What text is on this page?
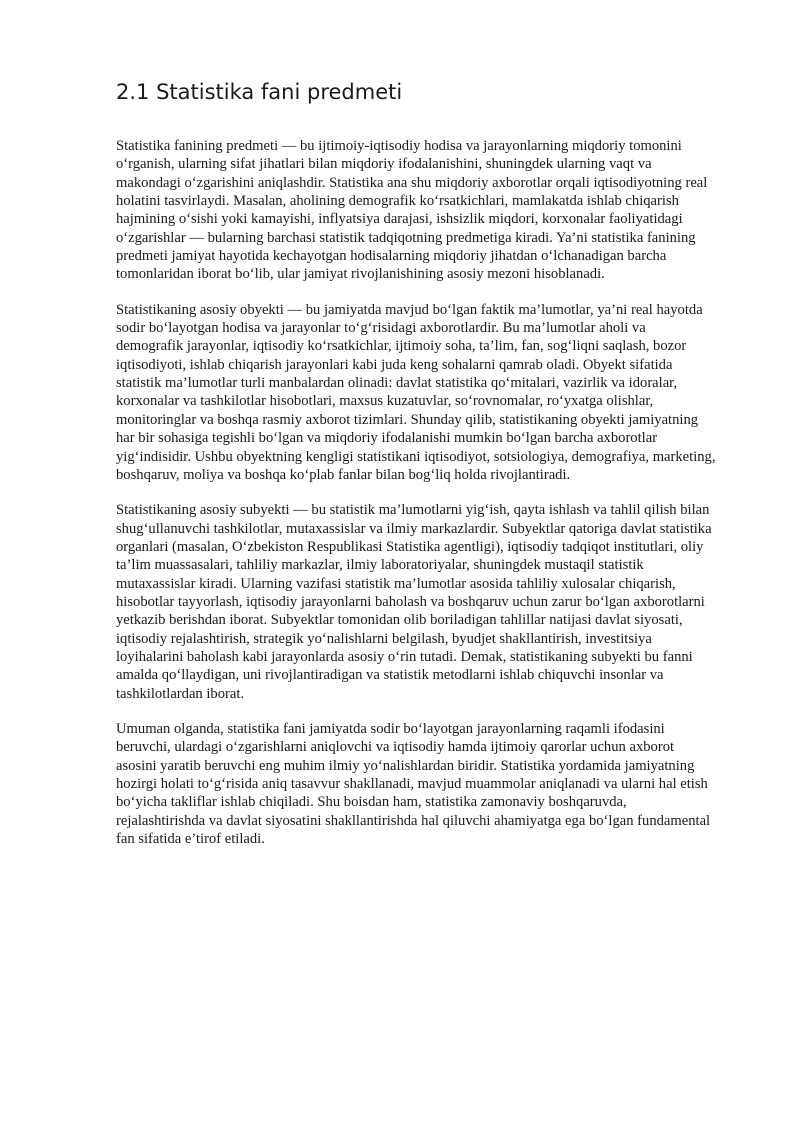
2.1 Statistika fani predmeti

Statistika fanining predmeti — bu ijtimoiy-iqtisodiy hodisa va jarayonlarning miqdoriy tomonini o‘rganish, ularning sifat jihatlari bilan miqdoriy ifodalanishini, shuningdek ularning vaqt va makondagi o‘zgarishini aniqlashdir. Statistika ana shu miqdoriy axborotlar orqali iqtisodiyotning real holatini tasvirlaydi. Masalan, aholining demografik ko‘rsatkichlari, mamlakatda ishlab chiqarish hajmining o‘sishi yoki kamayishi, inflyatsiya darajasi, ishsizlik miqdori, korxonalar faoliyatidagi o‘zgarishlar — bularning barchasi statistik tadqiqotning predmetiga kiradi. Ya’ni statistika fanining predmeti jamiyat hayotida kechayotgan hodisalarning miqdoriy jihatdan o‘lchanadigan barcha tomonlaridan iborat bo‘lib, ular jamiyat rivojlanishining asosiy mezoni hisoblanadi.

Statistikaning asosiy obyekti — bu jamiyatda mavjud bo‘lgan faktik ma’lumotlar, ya’ni real hayotda sodir bo‘layotgan hodisa va jarayonlar to‘g‘risidagi axborotlardir. Bu ma’lumotlar aholi va demografik jarayonlar, iqtisodiy ko‘rsatkichlar, ijtimoiy soha, ta’lim, fan, sog‘liqni saqlash, bozor iqtisodiyoti, ishlab chiqarish jarayonlari kabi juda keng sohalarni qamrab oladi. Obyekt sifatida statistik ma’lumotlar turli manbalardan olinadi: davlat statistika qo‘mitalari, vazirlik va idoralar, korxonalar va tashkilotlar hisobotlari, maxsus kuzatuvlar, so‘rovnomalar, ro‘yxatga olishlar, monitoringlar va boshqa rasmiy axborot tizimlari. Shunday qilib, statistikaning obyekti jamiyatning har bir sohasiga tegishli bo‘lgan va miqdoriy ifodalanishi mumkin bo‘lgan barcha axborotlar yig‘indisidir. Ushbu obyektning kengligi statistikani iqtisodiyot, sotsiologiya, demografiya, marketing, boshqaruv, moliya va boshqa ko‘plab fanlar bilan bog‘liq holda rivojlantiradi.

Statistikaning asosiy subyekti — bu statistik ma’lumotlarni yig‘ish, qayta ishlash va tahlil qilish bilan shug‘ullanuvchi tashkilotlar, mutaxassislar va ilmiy markazlardir. Subyektlar qatoriga davlat statistika organlari (masalan, O‘zbekiston Respublikasi Statistika agentligi), iqtisodiy tadqiqot institutlari, oliy ta’lim muassasalari, tahliliy markazlar, ilmiy laboratoriyalar, shuningdek mustaqil statistik mutaxassislar kiradi. Ularning vazifasi statistik ma’lumotlar asosida tahliliy xulosalar chiqarish, hisobotlar tayyorlash, iqtisodiy jarayonlarni baholash va boshqaruv uchun zarur bo‘lgan axborotlarni yetkazib berishdan iborat. Subyektlar tomonidan olib boriladigan tahlillar natijasi davlat siyosati, iqtisodiy rejalashtirish, strategik yo‘nalishlarni belgilash, byudjet shakllantirish, investitsiya loyihalarini baholash kabi jarayonlarda asosiy o‘rin tutadi. Demak, statistikaning subyekti bu fanni amalda qo‘llaydigan, uni rivojlantiradigan va statistik metodlarni ishlab chiquvchi insonlar va tashkilotlardan iborat.

Umuman olganda, statistika fani jamiyatda sodir bo‘layotgan jarayonlarning raqamli ifodasini beruvchi, ulardagi o‘zgarishlarni aniqlovchi va iqtisodiy hamda ijtimoiy qarorlar uchun axborot asosini yaratib beruvchi eng muhim ilmiy yo‘nalishlardan biridir. Statistika yordamida jamiyatning hozirgi holati to‘g‘risida aniq tasavvur shakllanadi, mavjud muammolar aniqlanadi va ularni hal etish bo‘yicha takliflar ishlab chiqiladi. Shu boisdan ham, statistika zamonaviy boshqaruvda, rejalashtirishda va davlat siyosatini shakllantirishda hal qiluvchi ahamiyatga ega bo‘lgan fundamental fan sifatida e’tirof etiladi.
